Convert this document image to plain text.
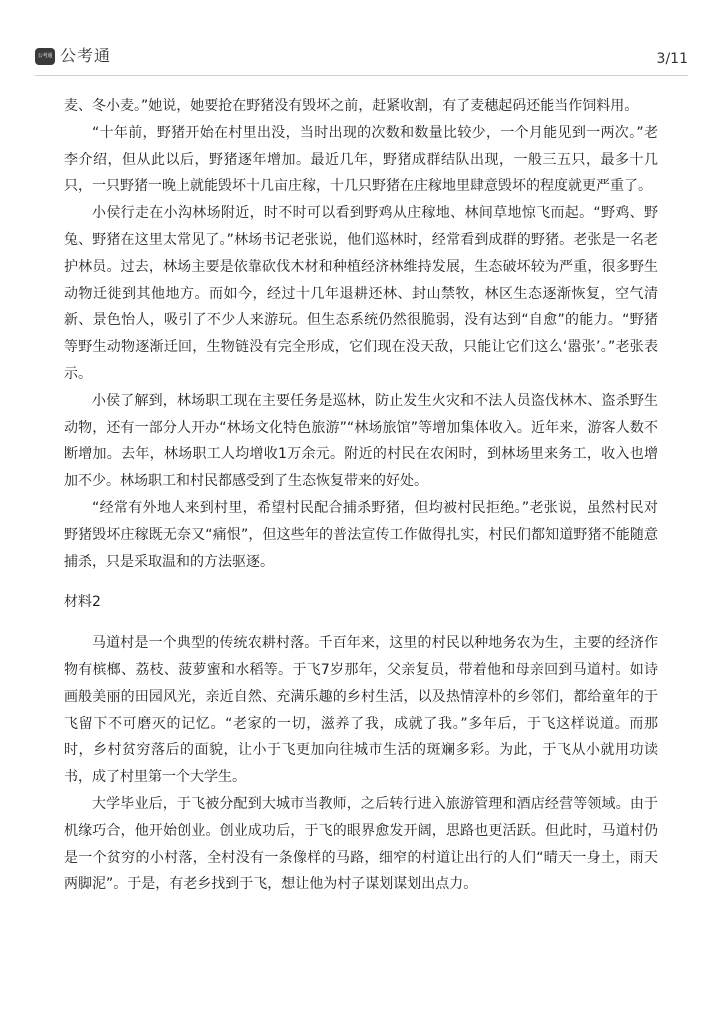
公考通 公考通	3/11

麦、冬小麦。”她说，她要抢在野猪没有毁坏之前，赶紧收割，有了麦穗起码还能当作饲料用。

“十年前，野猪开始在村里出没，当时出现的次数和数量比较少，一个月能见到一两次。”老李介绍，但从此以后，野猪逐年增加。最近几年，野猪成群结队出现，一般三五只，最多十几只，一只野猪一晚上就能毁坏十几亩庄稼，十几只野猪在庄稼地里肆意毁坏的程度就更严重了。

小侯行走在小沟林场附近，时不时可以看到野鸡从庄稼地、林间草地惊飞而起。“野鸡、野兔、野猪在这里太常见了。”林场书记老张说，他们巡林时，经常看到成群的野猪。老张是一名老护林员。过去，林场主要是依靠砍伐木材和种植经济林维持发展，生态破坏较为严重，很多野生动物迁徙到其他地方。而如今，经过十几年退耕还林、封山禁牧，林区生态逐渐恢复，空气清新、景色怡人，吸引了不少人来游玩。但生态系统仍然很脆弱，没有达到“自愈”的能力。“野猪等野生动物逐渐迁回，生物链没有完全形成，它们现在没天敌，只能让它们这么‘嚣张’。”老张表示。

小侯了解到，林场职工现在主要任务是巡林，防止发生火灾和不法人员盗伐林木、盗杀野生动物，还有一部分人开办“林场文化特色旅游”“林场旅馆”等增加集体收入。近年来，游客人数不断增加。去年，林场职工人均增收1万余元。附近的村民在农闲时，到林场里来务工，收入也增加不少。林场职工和村民都感受到了生态恢复带来的好处。

“经常有外地人来到村里，希望村民配合捕杀野猪，但均被村民拒绝。”老张说，虽然村民对野猪毁坏庄稼既无奈又“痛恨”，但这些年的普法宣传工作做得扎实，村民们都知道野猪不能随意捕杀，只是采取温和的方法驱逐。

材料2

马道村是一个典型的传统农耕村落。千百年来，这里的村民以种地务农为生，主要的经济作物有槟榔、荔枝、菠萝蜜和水稻等。于飞7岁那年，父亲复员，带着他和母亲回到马道村。如诗画般美丽的田园风光，亲近自然、充满乐趣的乡村生活，以及热情淳朴的乡邻们，都给童年的于飞留下不可磨灭的记忆。“老家的一切，滋养了我，成就了我。”多年后，于飞这样说道。而那时，乡村贫穷落后的面貌，让小于飞更加向往城市生活的斑斓多彩。为此，于飞从小就用功读书，成了村里第一个大学生。

大学毕业后，于飞被分配到大城市当教师，之后转行进入旅游管理和酒店经营等领域。由于机缘巧合，他开始创业。创业成功后，于飞的眼界愈发开阔，思路也更活跃。但此时，马道村仍是一个贫穷的小村落，全村没有一条像样的马路，细窄的村道让出行的人们“晴天一身土，雨天两脚泥”。于是，有老乡找到于飞，想让他为村子谋划谋划出点力。
